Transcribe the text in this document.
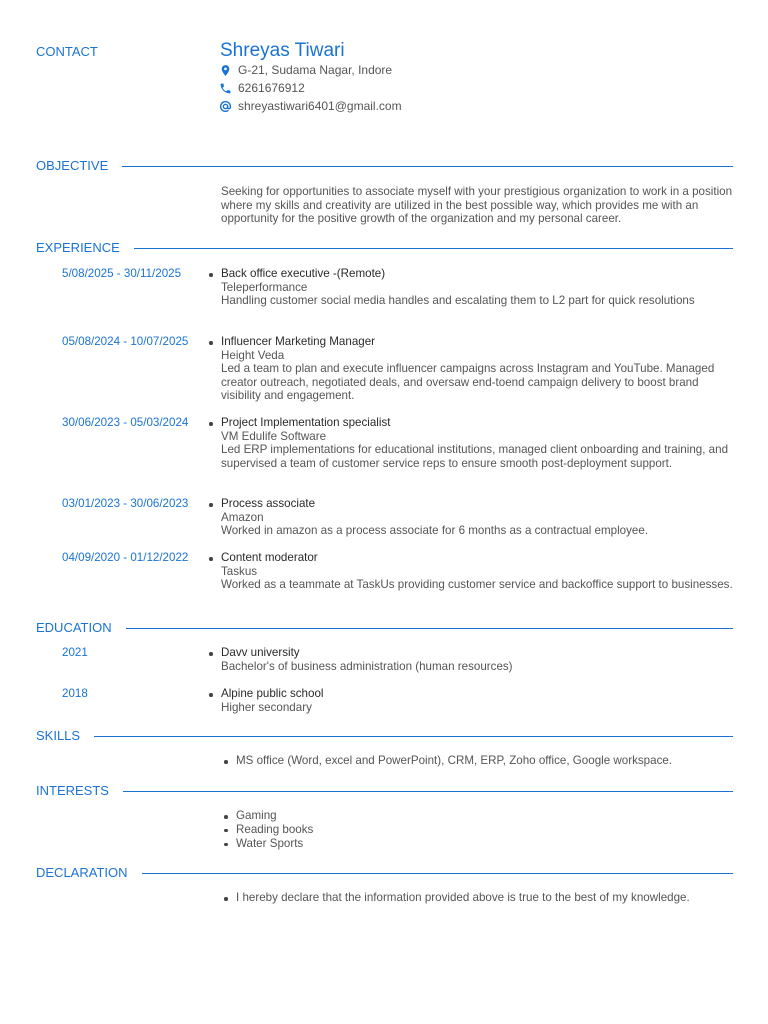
CONTACT	Shreyas Tiwari
G-21, Sudama Nagar, Indore
6261676912
shreyastiwari6401@gmail.com
OBJECTIVE
Seeking for opportunities to associate myself with your prestigious organization to work in a position where my skills and creativity are utilized in the best possible way, which provides me with an opportunity for the positive growth of the organization and my personal career.
EXPERIENCE
5/08/2025 - 30/11/2025	Back office executive -(Remote)
Teleperformance
Handling customer social media handles and escalating them to L2 part for quick resolutions
05/08/2024 - 10/07/2025	Influencer Marketing Manager
Height Veda
Led a team to plan and execute influencer campaigns across Instagram and YouTube. Managed creator outreach, negotiated deals, and oversaw end-toend campaign delivery to boost brand visibility and engagement.
30/06/2023 - 05/03/2024	Project Implementation specialist
VM Edulife Software
Led ERP implementations for educational institutions, managed client onboarding and training, and supervised a team of customer service reps to ensure smooth post-deployment support.
03/01/2023 - 30/06/2023	Process associate
Amazon
Worked in amazon as a process associate for 6 months as a contractual employee.
04/09/2020 - 01/12/2022	Content moderator
Taskus
Worked as a teammate at TaskUs providing customer service and backoffice support to businesses.
EDUCATION
2021	Davv university
Bachelor's of business administration (human resources)
2018	Alpine public school
Higher secondary
SKILLS
MS office (Word, excel and PowerPoint), CRM, ERP, Zoho office, Google workspace.
INTERESTS
Gaming
Reading books
Water Sports
DECLARATION
I hereby declare that the information provided above is true to the best of my knowledge.
